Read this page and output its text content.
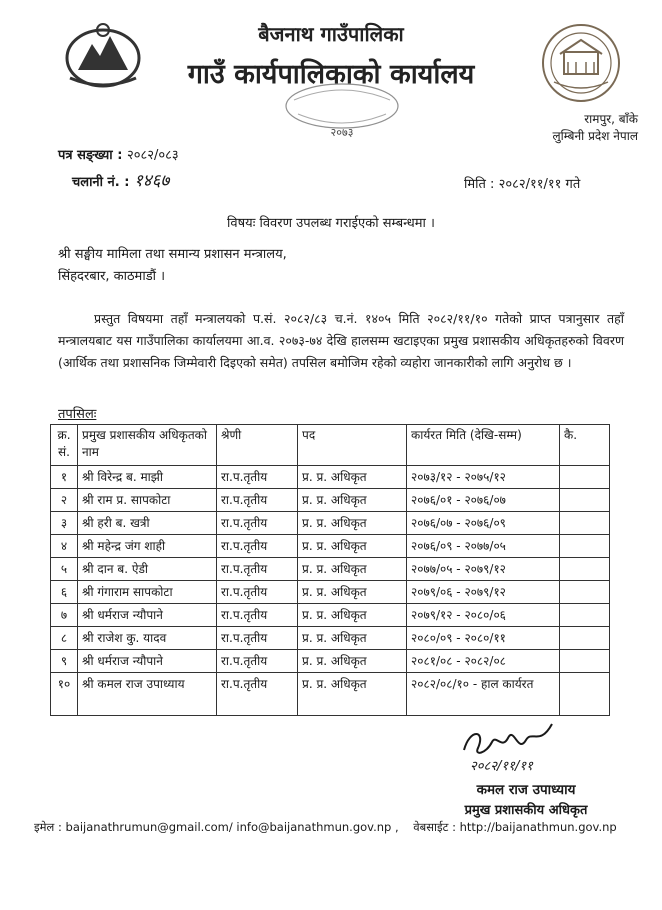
बैजनाथ गाउँपालिका
गाउँ कार्यपालिकाको कार्यालय
२०७३
रामपुर, बाँके
लुम्बिनी प्रदेश नेपाल
पत्र सङ्ख्या : २०८२/०८३
चलानी नं. : १४६७	मिति : २०८२/११/११ गते
विषयः विवरण उपलब्ध गराईएको सम्बन्धमा ।
श्री सङ्घीय मामिला तथा समान्य प्रशासन मन्त्रालय,
सिंहदरबार, काठमाडौं ।
प्रस्तुत विषयमा तहाँ मन्त्रालयको प.सं. २०८२/८३ च.नं. १४०५ मिति २०८२/११/१० गतेको प्राप्त पत्रानुसार तहाँ मन्त्रालयबाट यस गाउँपालिका कार्यालयमा आ.व. २०७३-७४ देखि हालसम्म खटाइएका प्रमुख प्रशासकीय अधिकृतहरुको विवरण (आर्थिक तथा प्रशासनिक जिम्मेवारी दिइएको समेत) तपसिल बमोजिम रहेको व्यहोरा जानकारीको लागि अनुरोध छ ।
तपसिलः
क्र. सं.	प्रमुख प्रशासकीय अधिकृतको नाम	श्रेणी	पद	कार्यरत मिति (देखि-सम्म)	कै.
१	श्री विरेन्द्र ब. माझी	रा.प.तृतीय	प्र. प्र. अधिकृत	२०७३/१२ - २०७५/१२	
२	श्री राम प्र. सापकोटा	रा.प.तृतीय	प्र. प्र. अधिकृत	२०७६/०१ - २०७६/०७	
३	श्री हरी ब. खत्री	रा.प.तृतीय	प्र. प्र. अधिकृत	२०७६/०७ - २०७६/०९	
४	श्री महेन्द्र जंग शाही	रा.प.तृतीय	प्र. प्र. अधिकृत	२०७६/०९ - २०७७/०५	
५	श्री दान ब. ऐडी	रा.प.तृतीय	प्र. प्र. अधिकृत	२०७७/०५ - २०७९/१२	
६	श्री गंगाराम सापकोटा	रा.प.तृतीय	प्र. प्र. अधिकृत	२०७९/०६ - २०७९/१२	
७	श्री धर्मराज न्यौपाने	रा.प.तृतीय	प्र. प्र. अधिकृत	२०७९/१२ - २०८०/०६	
८	श्री राजेश कु. यादव	रा.प.तृतीय	प्र. प्र. अधिकृत	२०८०/०९ - २०८०/११	
९	श्री धर्मराज न्यौपाने	रा.प.तृतीय	प्र. प्र. अधिकृत	२०८१/०८ - २०८२/०८	
१०	श्री कमल राज उपाध्याय	रा.प.तृतीय	प्र. प्र. अधिकृत	२०८२/०८/१० - हाल कार्यरत	
२०८२/११/११
कमल राज उपाध्याय
प्रमुख प्रशासकीय अधिकृत
इमेल : baijanathrumun@gmail.com/ info@baijanathmun.gov.np , वेबसाईट : http://baijanathmun.gov.np
